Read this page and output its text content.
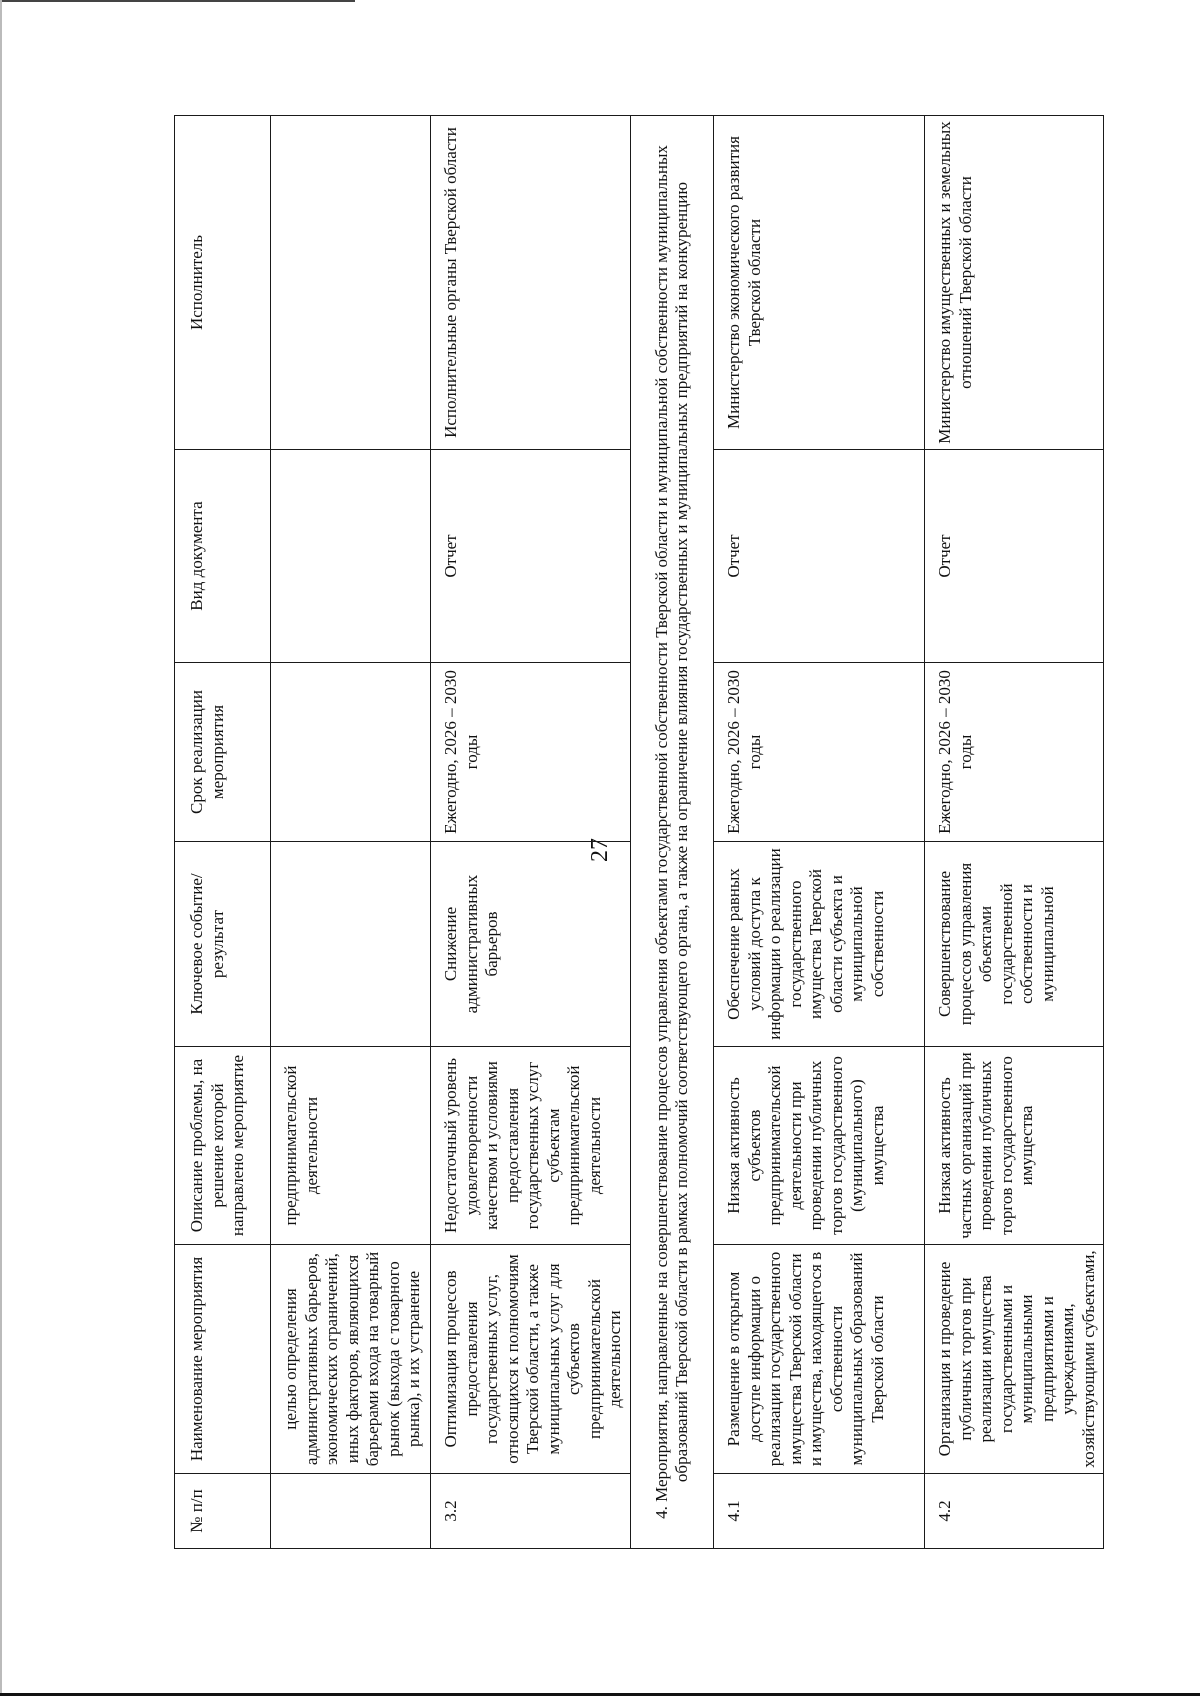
27
№ п/п	Наименование мероприятия	Описание проблемы, на решение которой направлено мероприятие	Ключевое событие/результат	Срок реализации мероприятия	Вид документа	Исполнитель

	целью определения административных барьеров, экономических ограничений, иных факторов, являющихся барьерами входа на товарный рынок (выхода с товарного рынка), и их устранение	предпринимательской деятельности				
3.2	Оптимизация процессов предоставления государственных услуг, относящихся к полномочиям Тверской области, а также муниципальных услуг для субъектов предпринимательской деятельности	Недостаточный уровень удовлетворенности качеством и условиями предоставления государственных услуг субъектам предпринимательской деятельности	Снижение административных барьеров	Ежегодно, 2026 – 2030 годы	Отчет	Исполнительные органы Тверской области
4. Мероприятия, направленные на совершенствование процессов управления объектами государственной собственности Тверской области и муниципальной собственности муниципальных образований Тверской области в рамках полномочий соответствующего органа, а также на ограничение влияния государственных и муниципальных предприятий на конкуренцию						
4.1	Размещение в открытом доступе информации о реализации государственного имущества Тверской области и имущества, находящегося в собственности муниципальных образований Тверской области	Низкая активность субъектов предпринимательской деятельности при проведении публичных торгов государственного (муниципального) имущества	Обеспечение равных условий доступа к информации о реализации государственного имущества Тверской области субъекта и муниципальной собственности	Ежегодно, 2026 – 2030 годы	Отчет	Министерство экономического развития Тверской области
4.2	Организация и проведение публичных торгов при реализации имущества государственными и муниципальными предприятиями и учреждениями, хозяйствующими субъектами,	Низкая активность частных организаций при проведении публичных торгов государственного имущества	Совершенствование процессов управления объектами государственной собственности и муниципальной	Ежегодно, 2026 – 2030 годы	Отчет	Министерство имущественных и земельных отношений Тверской области
